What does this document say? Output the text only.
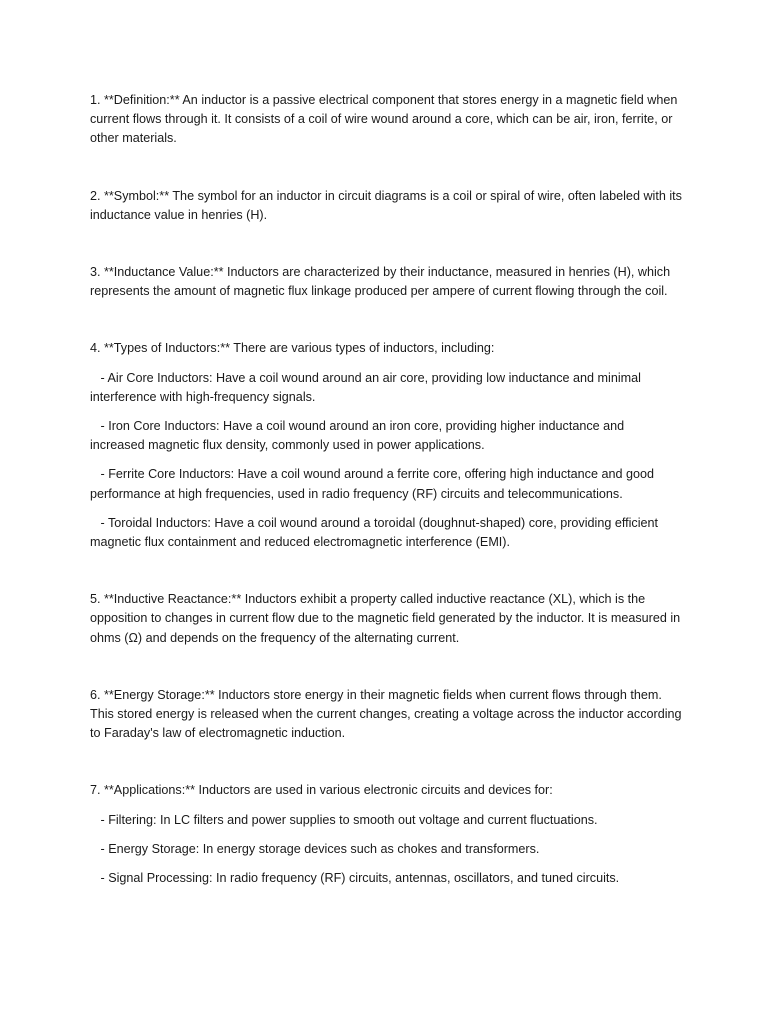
1. **Definition:** An inductor is a passive electrical component that stores energy in a magnetic field when current flows through it. It consists of a coil of wire wound around a core, which can be air, iron, ferrite, or other materials.

2. **Symbol:** The symbol for an inductor in circuit diagrams is a coil or spiral of wire, often labeled with its inductance value in henries (H).

3. **Inductance Value:** Inductors are characterized by their inductance, measured in henries (H), which represents the amount of magnetic flux linkage produced per ampere of current flowing through the coil.

4. **Types of Inductors:** There are various types of inductors, including:

- Air Core Inductors: Have a coil wound around an air core, providing low inductance and minimal interference with high-frequency signals.

- Iron Core Inductors: Have a coil wound around an iron core, providing higher inductance and increased magnetic flux density, commonly used in power applications.

- Ferrite Core Inductors: Have a coil wound around a ferrite core, offering high inductance and good performance at high frequencies, used in radio frequency (RF) circuits and telecommunications.

- Toroidal Inductors: Have a coil wound around a toroidal (doughnut-shaped) core, providing efficient magnetic flux containment and reduced electromagnetic interference (EMI).

5. **Inductive Reactance:** Inductors exhibit a property called inductive reactance (XL), which is the opposition to changes in current flow due to the magnetic field generated by the inductor. It is measured in ohms (Ω) and depends on the frequency of the alternating current.

6. **Energy Storage:** Inductors store energy in their magnetic fields when current flows through them. This stored energy is released when the current changes, creating a voltage across the inductor according to Faraday's law of electromagnetic induction.

7. **Applications:** Inductors are used in various electronic circuits and devices for:

- Filtering: In LC filters and power supplies to smooth out voltage and current fluctuations.

- Energy Storage: In energy storage devices such as chokes and transformers.

- Signal Processing: In radio frequency (RF) circuits, antennas, oscillators, and tuned circuits.
